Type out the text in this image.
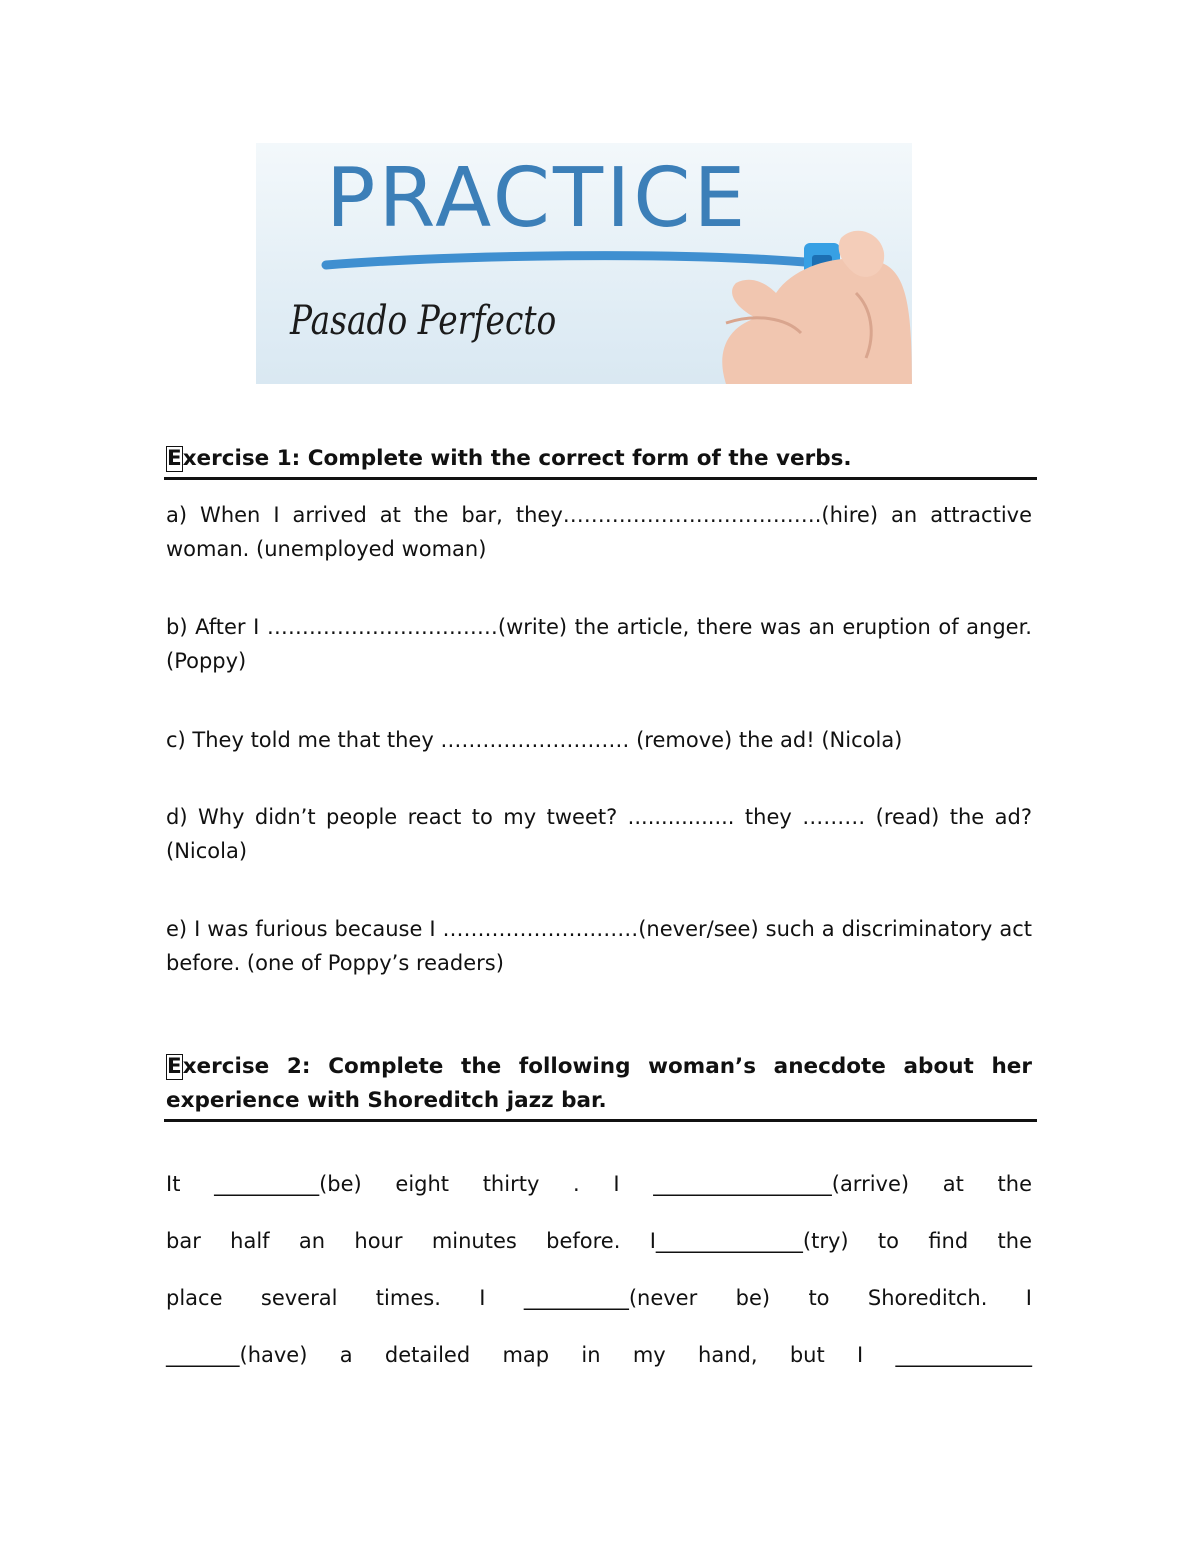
PRACTICE
Pasado Perfecto
Exercise 1: Complete with the correct form of the verbs.
a) When I arrived at the bar, they……………………………….(hire) an attractive woman. (unemployed woman)
b) After I ……………………………(write) the article, there was an eruption of anger. (Poppy)
c) They told me that they ……………………… (remove) the ad! (Nicola)
d) Why didn’t people react to my tweet? ................ they ……… (read) the ad? (Nicola)
e) I was furious because I ………………….……(never/see) such a discriminatory act before. (one of Poppy’s readers)
Exercise 2: Complete the following woman’s anecdote about her experience with Shoreditch jazz bar.
It __________(be) eight thirty . I _________________(arrive) at the
bar half an hour minutes before. I______________(try) to find the
place several times. I __________(never be) to Shoreditch. I
_______(have) a detailed map in my hand, but I _____________
